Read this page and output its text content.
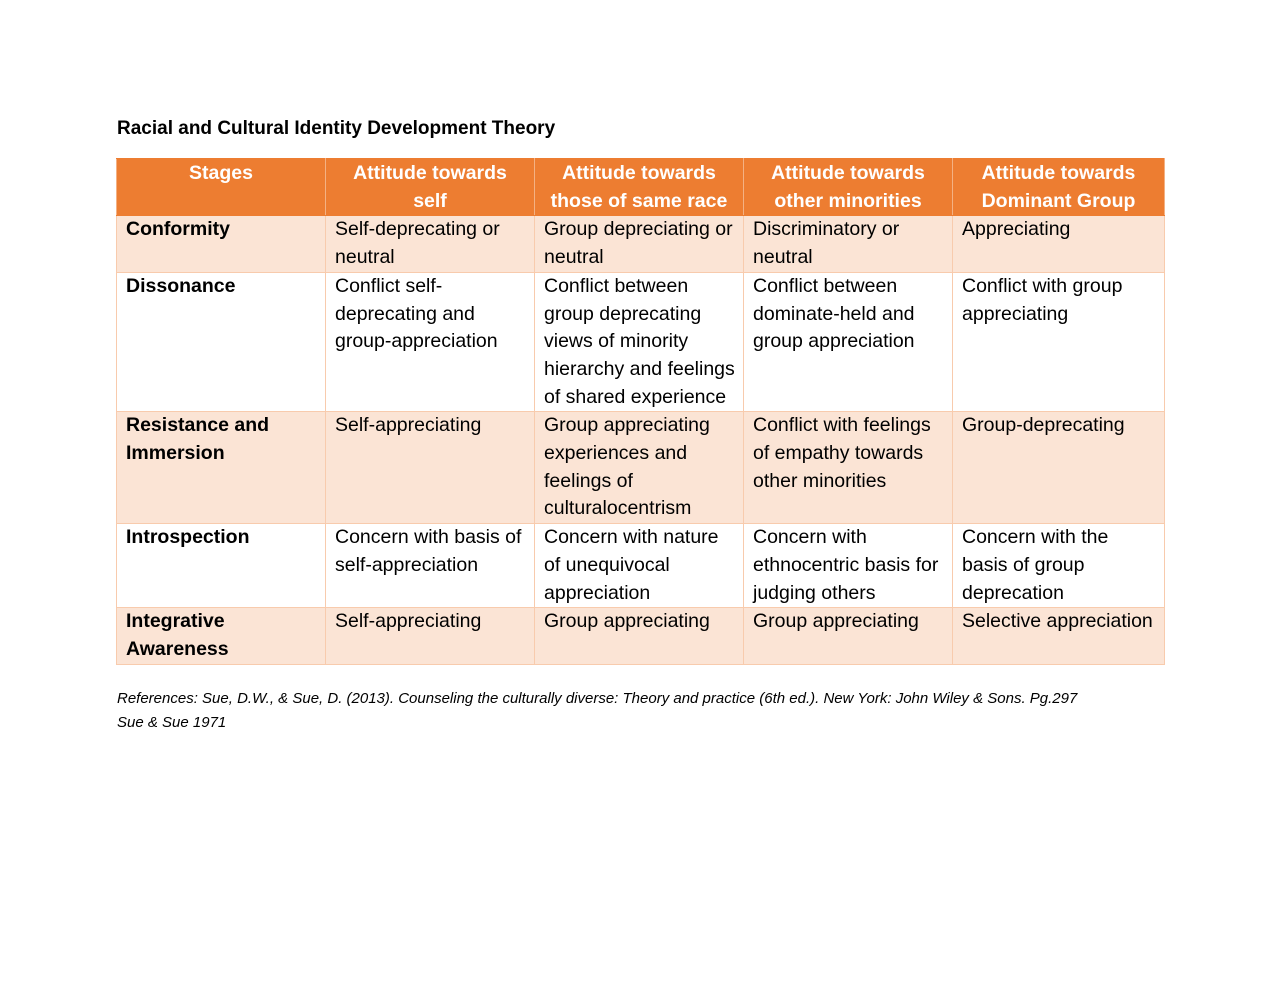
Racial and Cultural Identity Development Theory
Stages	Attitude towards self	Attitude towards those of same race	Attitude towards other minorities	Attitude towards Dominant Group
Conformity	Self-deprecating or neutral	Group depreciating or neutral	Discriminatory or neutral	Appreciating
Dissonance	Conflict self-deprecating and group-appreciation	Conflict between group deprecating views of minority hierarchy and feelings of shared experience	Conflict between dominate-held and group appreciation	Conflict with group appreciating
Resistance and Immersion	Self-appreciating	Group appreciating experiences and feelings of culturalocentrism	Conflict with feelings of empathy towards other minorities	Group-deprecating
Introspection	Concern with basis of self-appreciation	Concern with nature of unequivocal appreciation	Concern with ethnocentric basis for judging others	Concern with the basis of group deprecation
Integrative Awareness	Self-appreciating	Group appreciating	Group appreciating	Selective appreciation
References: Sue, D.W., & Sue, D. (2013). Counseling the culturally diverse: Theory and practice (6th ed.). New York: John Wiley & Sons. Pg.297
Sue & Sue 1971
